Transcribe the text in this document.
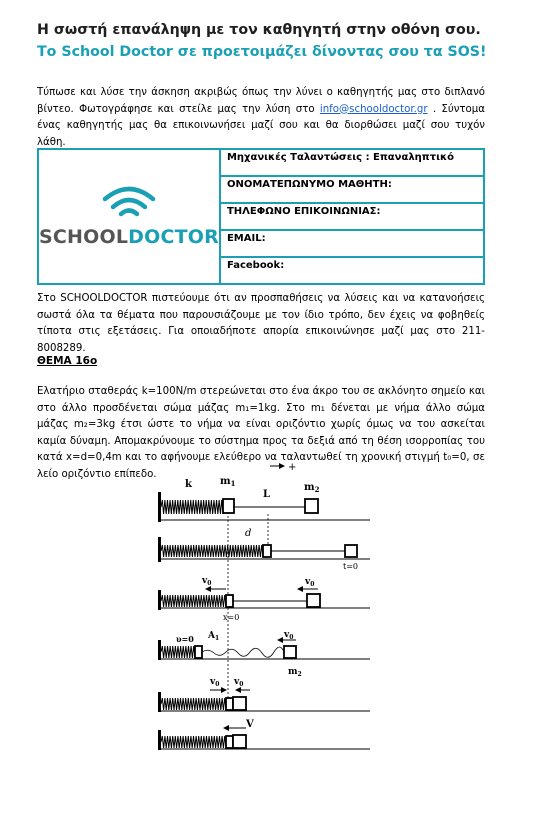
Η σωστή επανάληψη με τον καθηγητή στην οθόνη σου.
Το School Doctor σε προετοιμάζει δίνοντας σου τα SOS!
Τύπωσε και λύσε την άσκηση ακριβώς όπως την λύνει ο καθηγητής μας στο διπλανό βίντεο. Φωτογράφησε και στείλε μας την λύση στο info@schooldoctor.gr . Σύντομα ένας καθηγητής μας θα επικοινωνήσει μαζί σου και θα διορθώσει μαζί σου τυχόν λάθη.
SCHOOLDOCTOR
	Μηχανικές Ταλαντώσεις : Επαναληπτικό
ΟΝΟΜΑΤΕΠΩΝΥΜΟ ΜΑΘΗΤΗ:
ΤΗΛΕΦΩΝΟ ΕΠΙΚΟΙΝΩΝΙΑΣ:
EMAIL:
Facebook:
Στο SCHOOLDOCTOR πιστεύουμε ότι αν προσπαθήσεις να λύσεις και να κατανοήσεις σωστά όλα τα θέματα που παρουσιάζουμε με τον ίδιο τρόπο, δεν έχεις να φοβηθείς τίποτα στις εξετάσεις. Για οποιαδήποτε απορία επικοινώνησε μαζί μας στο 211-8008289.
ΘΕΜΑ 16ο
Ελατήριο σταθεράς k=100N/m στερεώνεται στο ένα άκρο του σε ακλόνητο σημείο και στο άλλο προσδένεται σώμα μάζας m₁=1kg. Στο m₁ δένεται με νήμα άλλο σώμα μάζας m₂=3kg έτσι ώστε το νήμα να είναι οριζόντιο χωρίς όμως να του ασκείται καμία δύναμη. Απομακρύνουμε το σύστημα προς τα δεξιά από τη θέση ισορροπίας του κατά x=d=0,4m και το αφήνουμε ελεύθερο να ταλαντωθεί τη χρονική στιγμή t₀=0, σε λείο οριζόντιο επίπεδο.
+
k	$m_1$
L
$m_2$
d
t=0
$v_0$	$v_0$
x=0
υ=0 $A_1$	$v_0$
$m_2$
$v_0$ $v_0$
V
